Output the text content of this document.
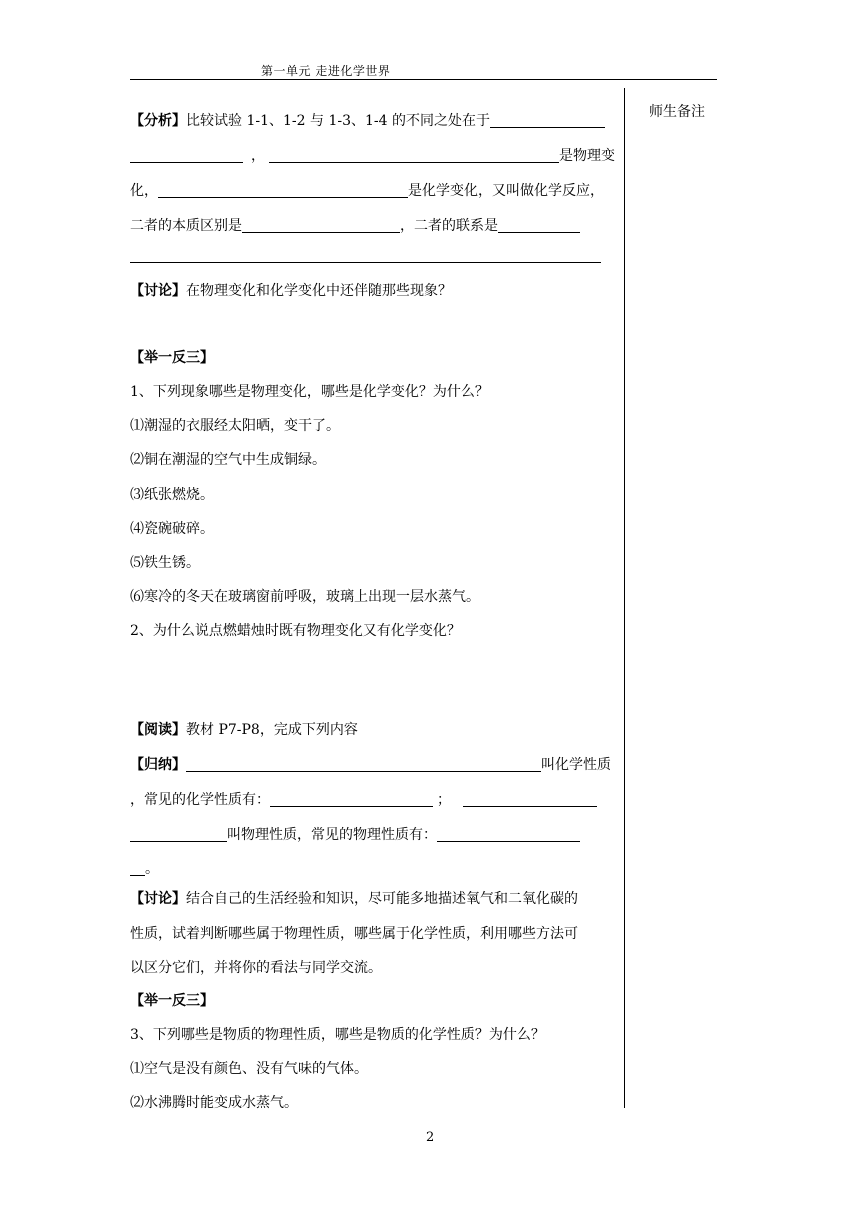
第一单元 走进化学世界
师生备注
【分析】比较试验 1-1、1-2 与 1-3、1-4 的不同之处在于
，	是物理变
化，	是化学变化，又叫做化学反应，
二者的本质区别是	，二者的联系是
【讨论】在物理变化和化学变化中还伴随那些现象？
【举一反三】
1、下列现象哪些是物理变化，哪些是化学变化？为什么？
⑴潮湿的衣服经太阳晒，变干了。
⑵铜在潮湿的空气中生成铜绿。
⑶纸张燃烧。
⑷瓷碗破碎。
⑸铁生锈。
⑹寒冷的冬天在玻璃窗前呼吸，玻璃上出现一层水蒸气。
2、为什么说点燃蜡烛时既有物理变化又有化学变化？
【阅读】教材 P7-P8，完成下列内容
【归纳】	叫化学性质
，常见的化学性质有：	；
叫物理性质，常见的物理性质有：
。
【讨论】结合自己的生活经验和知识，尽可能多地描述氧气和二氧化碳的
性质，试着判断哪些属于物理性质，哪些属于化学性质，利用哪些方法可
以区分它们，并将你的看法与同学交流。
【举一反三】
3、下列哪些是物质的物理性质，哪些是物质的化学性质？为什么？
⑴空气是没有颜色、没有气味的气体。
⑵水沸腾时能变成水蒸气。
2
